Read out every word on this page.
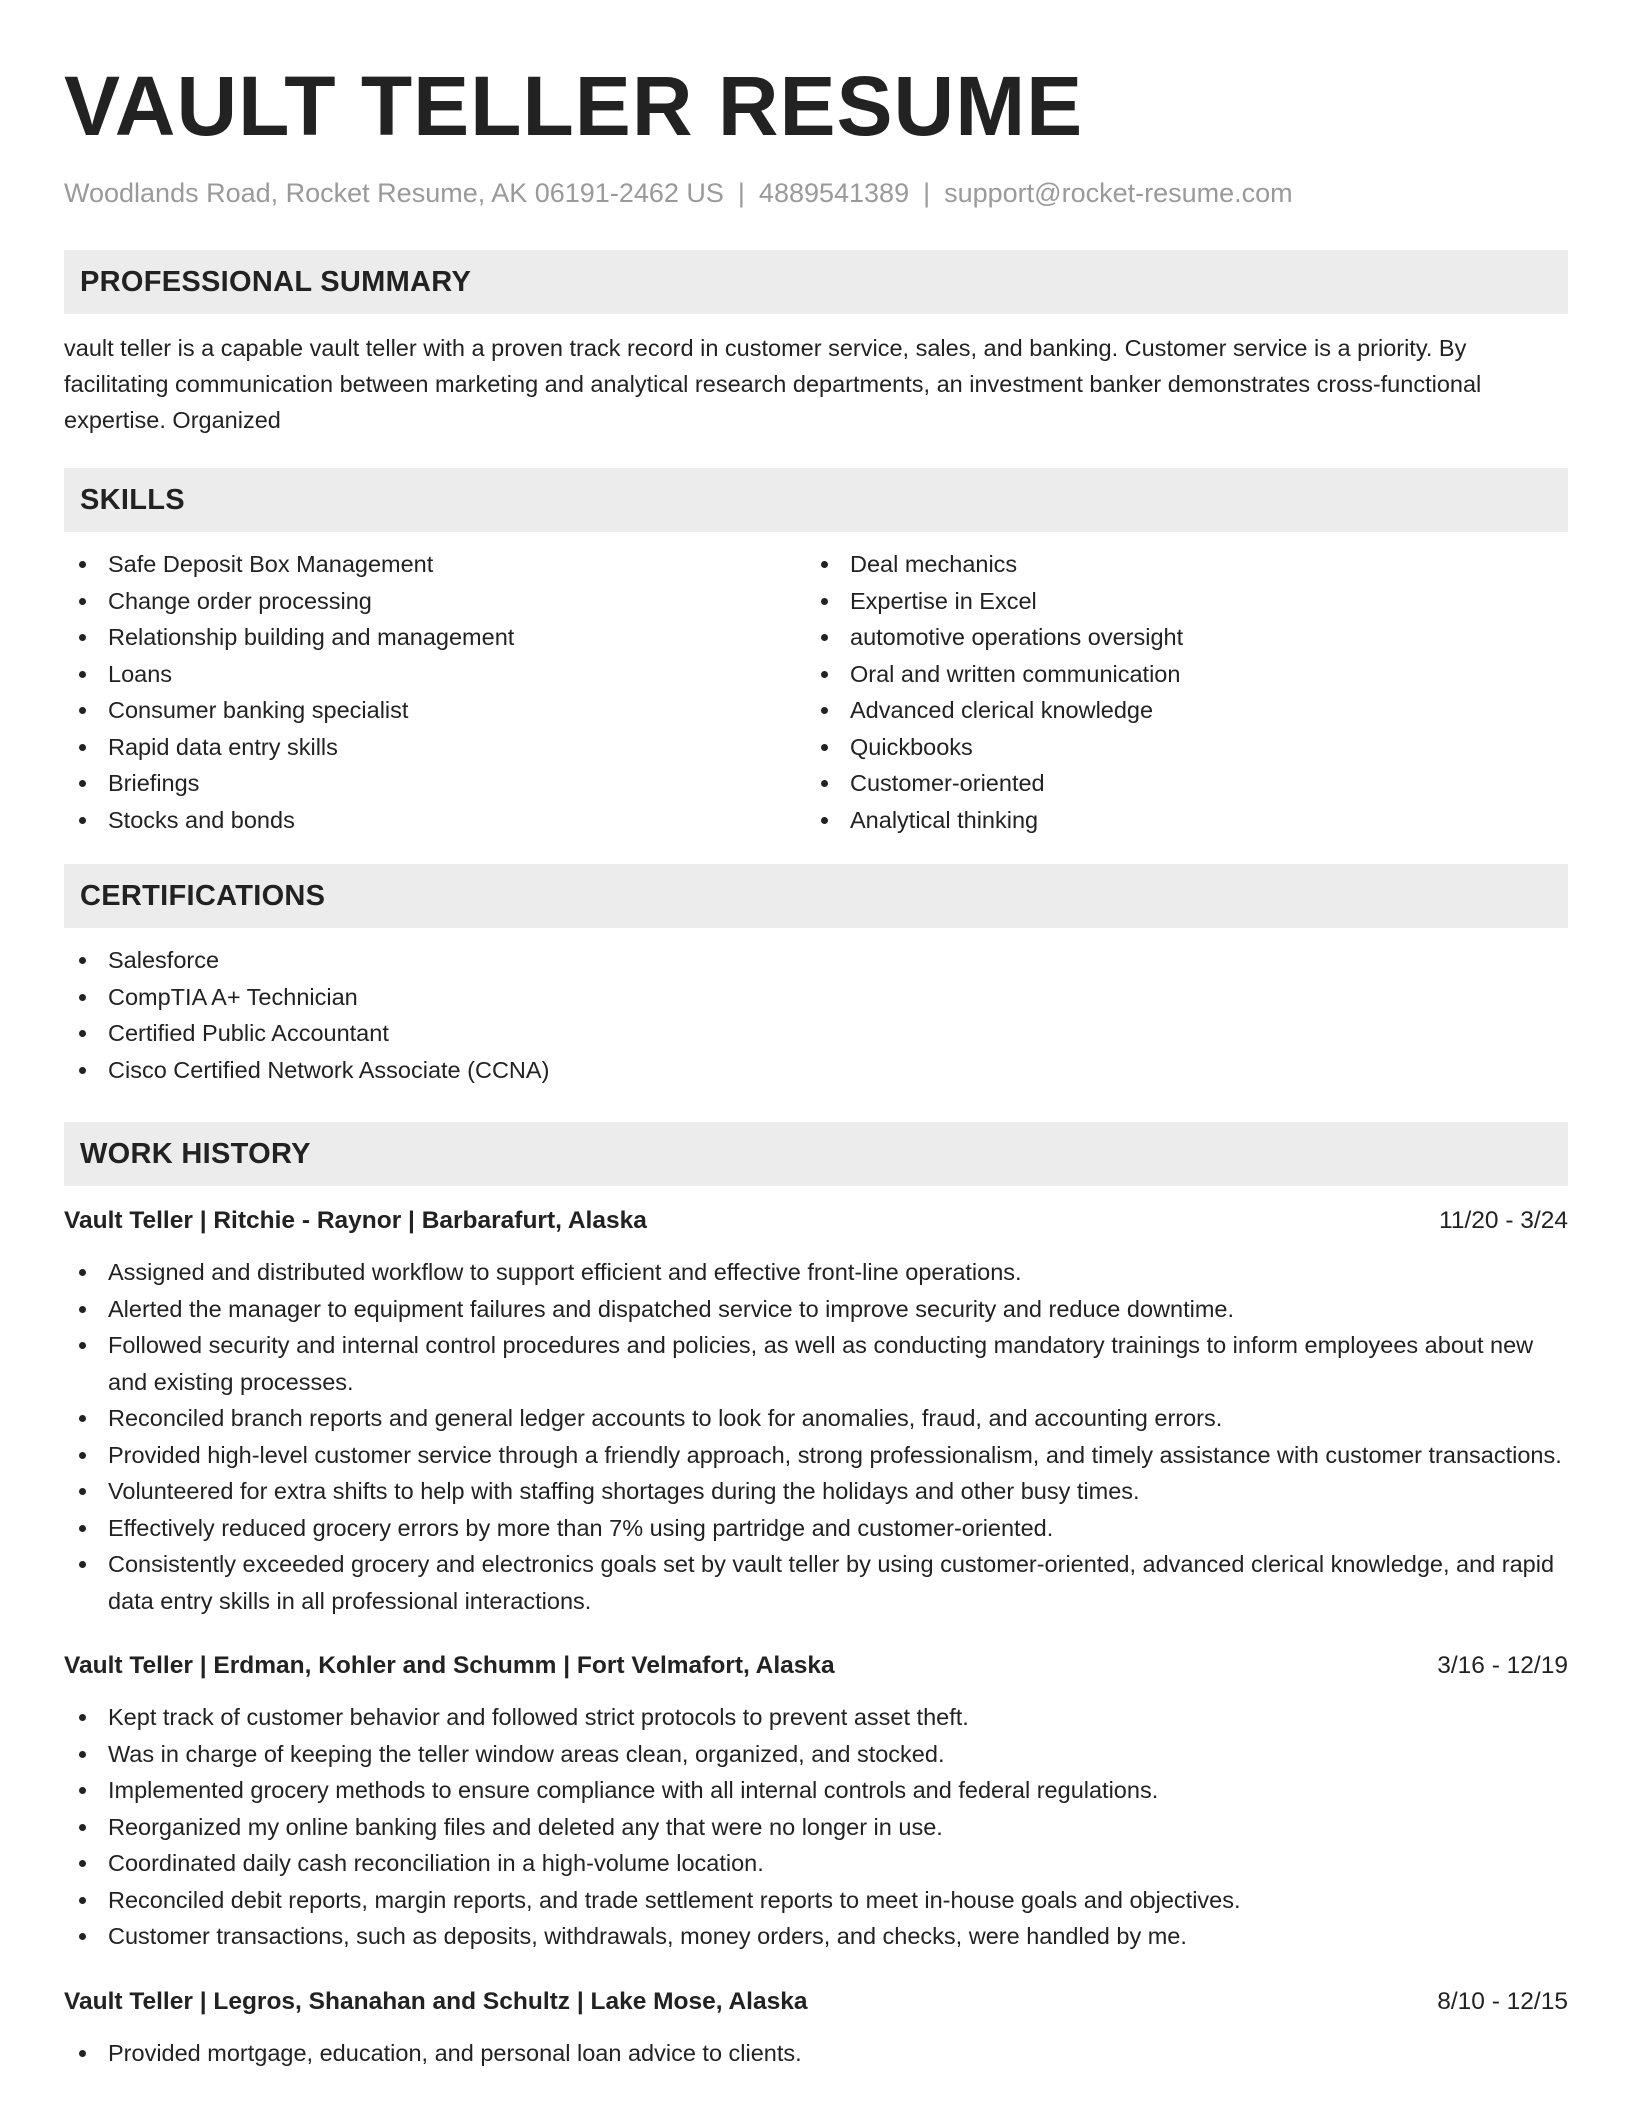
VAULT TELLER RESUME
Woodlands Road, Rocket Resume, AK 06191-2462 US | 4889541389 | support@rocket-resume.com
PROFESSIONAL SUMMARY

vault teller is a capable vault teller with a proven track record in customer service, sales, and banking. Customer service is a priority. By facilitating communication between marketing and analytical research departments, an investment banker demonstrates cross-functional expertise. Organized

SKILLS
Safe Deposit Box Management
Change order processing
Relationship building and management
Loans
Consumer banking specialist
Rapid data entry skills
Briefings
Stocks and bonds
Deal mechanics
Expertise in Excel
automotive operations oversight
Oral and written communication
Advanced clerical knowledge
Quickbooks
Customer-oriented
Analytical thinking
CERTIFICATIONS
Salesforce
CompTIA A+ Technician
Certified Public Accountant
Cisco Certified Network Associate (CCNA)
WORK HISTORY
Vault Teller | Ritchie - Raynor | Barbarafurt, Alaska	11/20 - 3/24
Assigned and distributed workflow to support efficient and effective front-line operations.
Alerted the manager to equipment failures and dispatched service to improve security and reduce downtime.
Followed security and internal control procedures and policies, as well as conducting mandatory trainings to inform employees about new and existing processes.
Reconciled branch reports and general ledger accounts to look for anomalies, fraud, and accounting errors.
Provided high-level customer service through a friendly approach, strong professionalism, and timely assistance with customer transactions.
Volunteered for extra shifts to help with staffing shortages during the holidays and other busy times.
Effectively reduced grocery errors by more than 7% using partridge and customer-oriented.
Consistently exceeded grocery and electronics goals set by vault teller by using customer-oriented, advanced clerical knowledge, and rapid data entry skills in all professional interactions.
Vault Teller | Erdman, Kohler and Schumm | Fort Velmafort, Alaska	3/16 - 12/19
Kept track of customer behavior and followed strict protocols to prevent asset theft.
Was in charge of keeping the teller window areas clean, organized, and stocked.
Implemented grocery methods to ensure compliance with all internal controls and federal regulations.
Reorganized my online banking files and deleted any that were no longer in use.
Coordinated daily cash reconciliation in a high-volume location.
Reconciled debit reports, margin reports, and trade settlement reports to meet in-house goals and objectives.
Customer transactions, such as deposits, withdrawals, money orders, and checks, were handled by me.
Vault Teller | Legros, Shanahan and Schultz | Lake Mose, Alaska	8/10 - 12/15
Provided mortgage, education, and personal loan advice to clients.
